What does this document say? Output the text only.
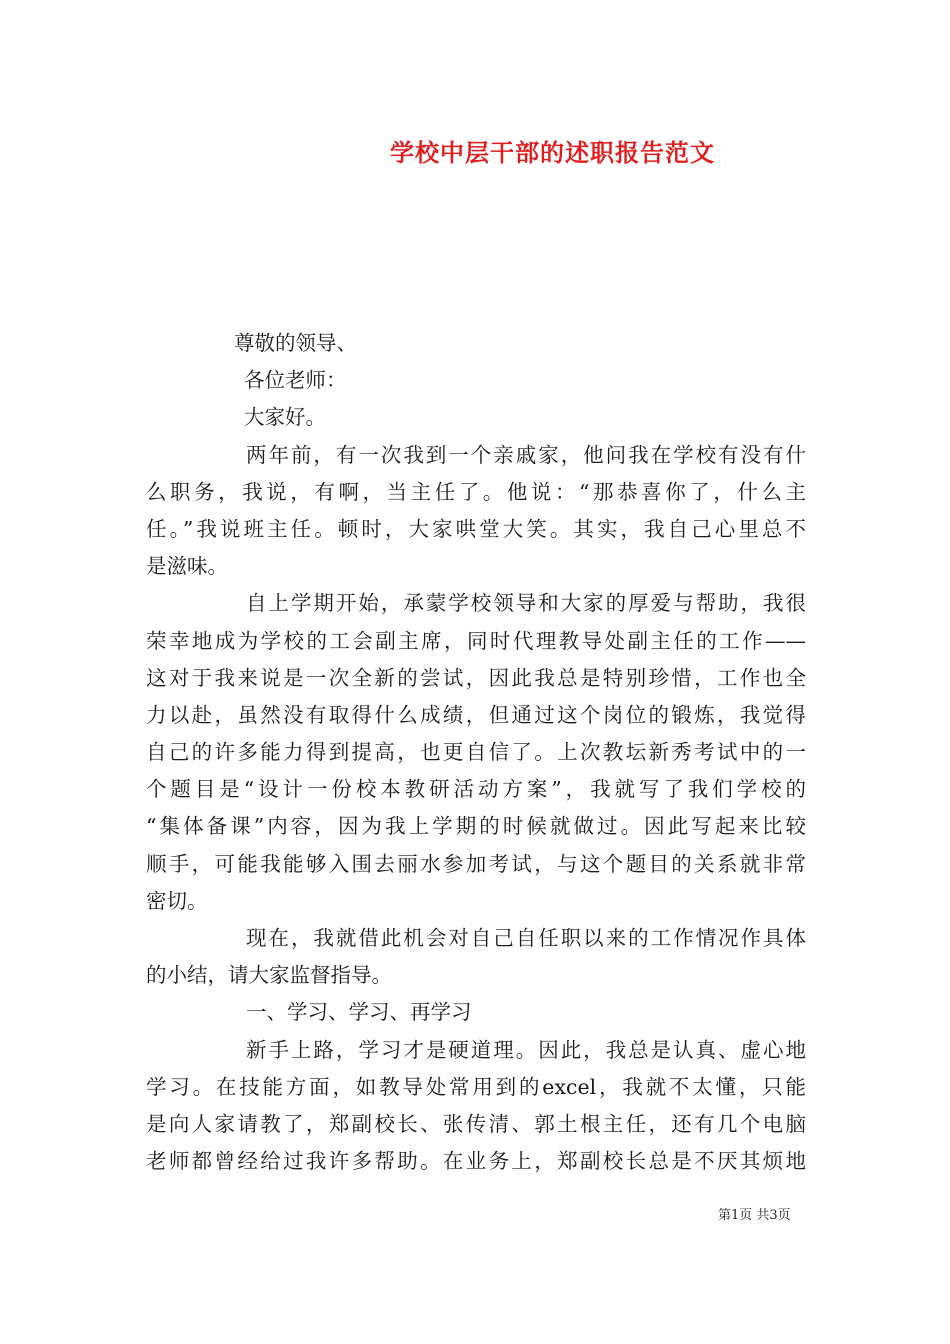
学校中层干部的述职报告范文
尊敬的领导、
各位老师：
大家好。
两年前，有一次我到一个亲戚家，他问我在学校有没有什
么职务，我说，有啊，当主任了。他说：“那恭喜你了，什么主
任。”我说班主任。顿时，大家哄堂大笑。其实，我自己心里总不
是滋味。
自上学期开始，承蒙学校领导和大家的厚爱与帮助，我很
荣幸地成为学校的工会副主席，同时代理教导处副主任的工作——
这对于我来说是一次全新的尝试，因此我总是特别珍惜，工作也全
力以赴，虽然没有取得什么成绩，但通过这个岗位的锻炼，我觉得
自己的许多能力得到提高，也更自信了。上次教坛新秀考试中的一
个题目是“设计一份校本教研活动方案”，我就写了我们学校的
“集体备课”内容，因为我上学期的时候就做过。因此写起来比较
顺手，可能我能够入围去丽水参加考试，与这个题目的关系就非常
密切。
现在，我就借此机会对自己自任职以来的工作情况作具体
的小结，请大家监督指导。
一、学习、学习、再学习
新手上路，学习才是硬道理。因此，我总是认真、虚心地
学习。在技能方面，如教导处常用到的excel，我就不太懂，只能
是向人家请教了，郑副校长、张传清、郭土根主任，还有几个电脑
老师都曾经给过我许多帮助。在业务上，郑副校长总是不厌其烦地
第1页 共3页
